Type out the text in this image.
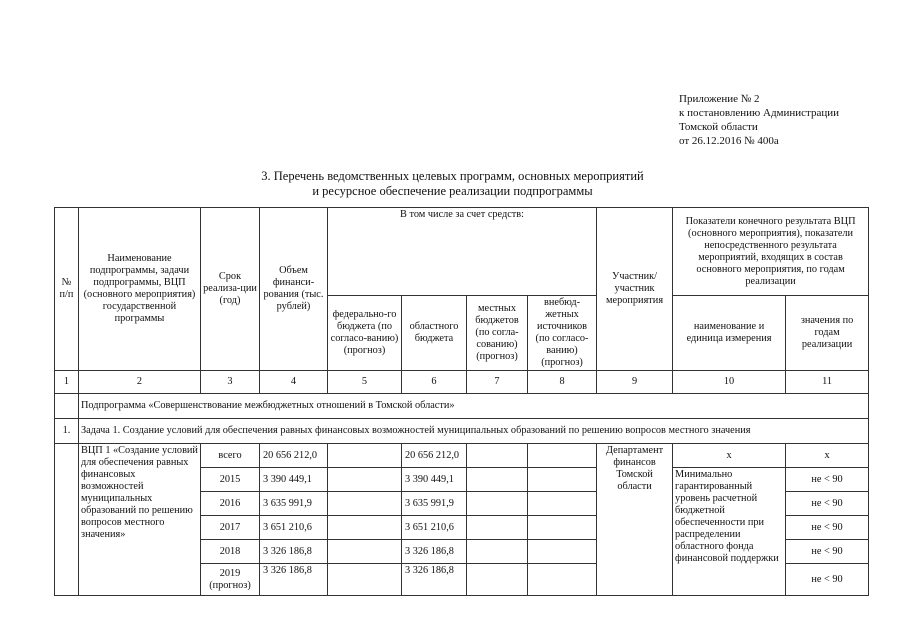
Приложение № 2
к постановлению Администрации
Томской области
от 26.12.2016 № 400а
3. Перечень ведомственных целевых программ, основных мероприятий
и ресурсное обеспечение реализации подпрограммы
№ п/п	Наименование подпрограммы, задачи подпрограммы, ВЦП (основного мероприятия) государственной программы	Срок реализа-ции (год)	Объем финанси-рования (тыс. рублей)	В том числе за счет средств:				Участник/ участник мероприятия	Показатели конечного результата ВЦП (основного мероприятия), показатели непосредственного результата мероприятий, входящих в состав основного мероприятия, по годам реализации	
				федерально-го бюджета (по согласо-ванию) (прогноз)	областного бюджета	местных бюджетов (по согла-сованию) (прогноз)	внебюд-жетных источников (по согласо-ванию) (прогноз)		наименование и единица измерения	значения по годам реализации
1	2	3	4	5	6	7	8	9	10	11
	Подпрограмма «Совершенствование межбюджетных отношений в Томской области»									
1.	Задача 1. Создание условий для обеспечения равных финансовых возможностей муниципальных образований по решению вопросов местного значения									
	ВЦП 1 «Создание условий для обеспечения равных финансовых возможностей муниципальных образований по решению вопросов местного значения»	всего	20 656 212,0		20 656 212,0			Департамент финансов Томской области	х	х
		2015	3 390 449,1		3 390 449,1				Минимально гарантированный уровень расчетной бюджетной обеспеченности при распределении областного фонда финансовой поддержки	не < 90
		2016	3 635 991,9		3 635 991,9					не < 90
		2017	3 651 210,6		3 651 210,6					не < 90
		2018	3 326 186,8		3 326 186,8					не < 90
		2019 (прогноз)	3 326 186,8		3 326 186,8					не < 90
